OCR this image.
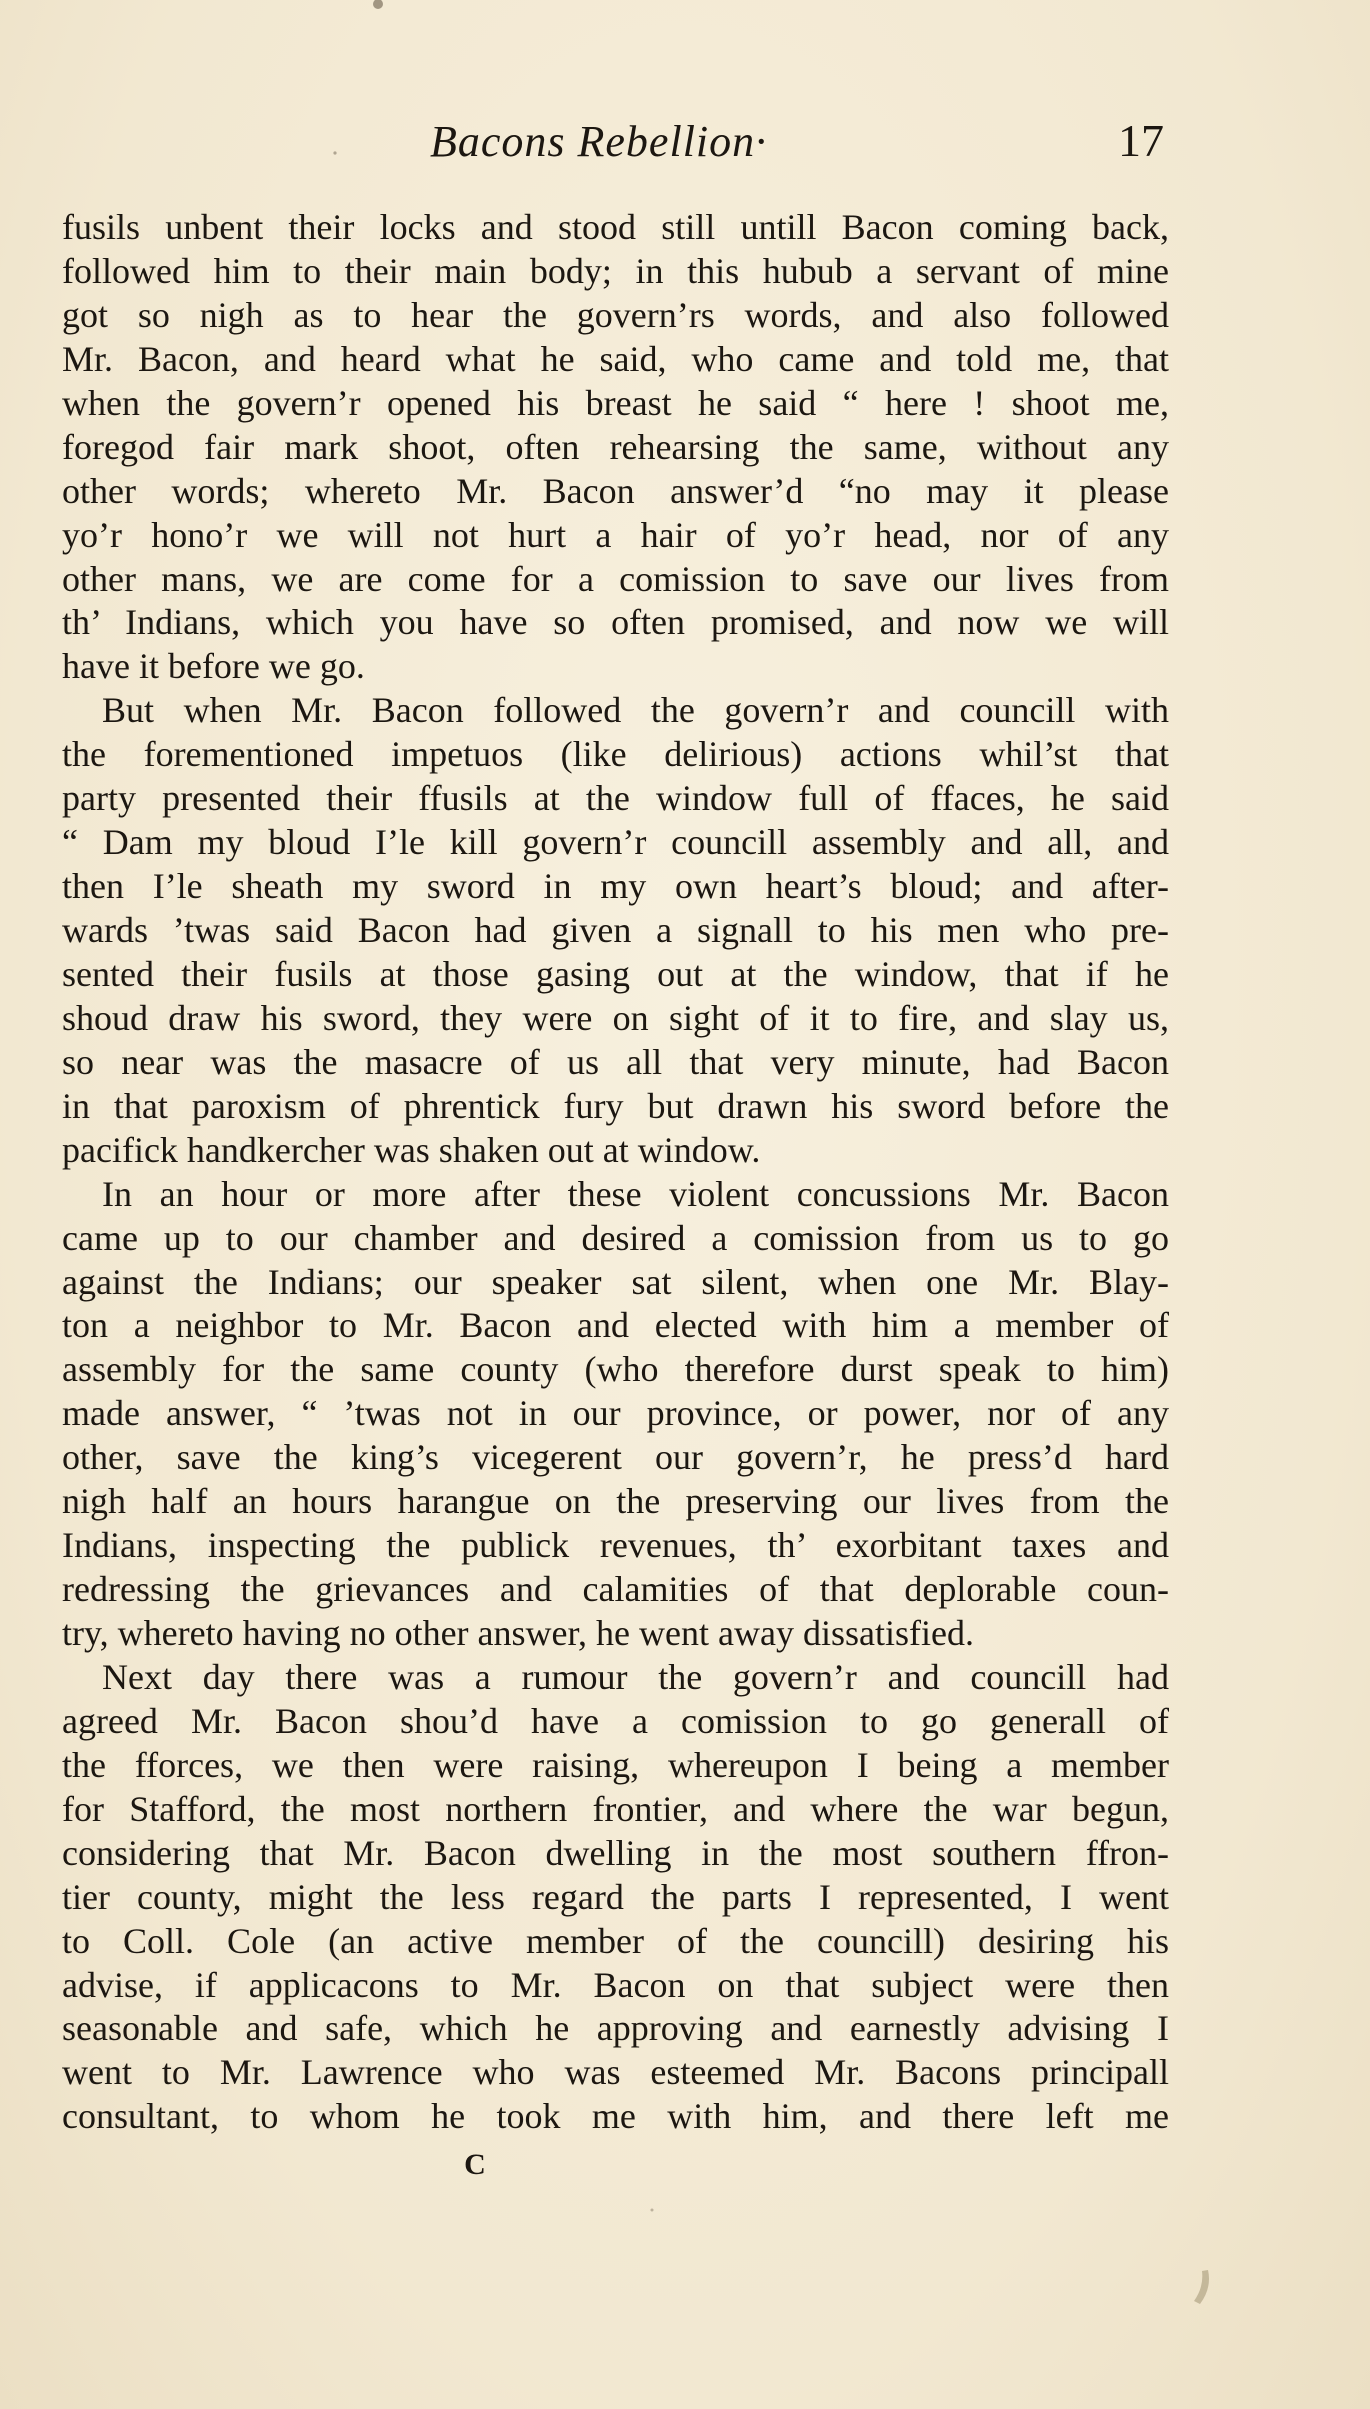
Bacons Rebellion·	17
fusils unbent their locks and stood still untill Bacon coming back,
followed him to their main body; in this hubub a servant of mine
got so nigh as to hear the govern’rs words, and also followed
Mr. Bacon, and heard what he said, who came and told me, that
when the govern’r opened his breast he said “ here ! shoot me,
foregod fair mark shoot, often rehearsing the same, without any
other words; whereto Mr. Bacon answer’d “no may it please
yo’r hono’r we will not hurt a hair of yo’r head, nor of any
other mans, we are come for a comission to save our lives from
th’ Indians, which you have so often promised, and now we will
have it before we go.
But when Mr. Bacon followed the govern’r and councill with
the forementioned impetuos (like delirious) actions whil’st that
party presented their ffusils at the window full of ffaces, he said
“ Dam my bloud I’le kill govern’r councill assembly and all, and
then I’le sheath my sword in my own heart’s bloud; and after-
wards ’twas said Bacon had given a signall to his men who pre-
sented their fusils at those gasing out at the window, that if he
shoud draw his sword, they were on sight of it to fire, and slay us,
so near was the masacre of us all that very minute, had Bacon
in that paroxism of phrentick fury but drawn his sword before the
pacifick handkercher was shaken out at window.
In an hour or more after these violent concussions Mr. Bacon
came up to our chamber and desired a comission from us to go
against the Indians; our speaker sat silent, when one Mr. Blay-
ton a neighbor to Mr. Bacon and elected with him a member of
assembly for the same county (who therefore durst speak to him)
made answer, “ ’twas not in our province, or power, nor of any
other, save the king’s vicegerent our govern’r, he press’d hard
nigh half an hours harangue on the preserving our lives from the
Indians, inspecting the publick revenues, th’ exorbitant taxes and
redressing the grievances and calamities of that deplorable coun-
try, whereto having no other answer, he went away dissatisfied.
Next day there was a rumour the govern’r and councill had
agreed Mr. Bacon shou’d have a comission to go generall of
the fforces, we then were raising, whereupon I being a member
for Stafford, the most northern frontier, and where the war begun,
considering that Mr. Bacon dwelling in the most southern ffron-
tier county, might the less regard the parts I represented, I went
to Coll. Cole (an active member of the councill) desiring his
advise, if applicacons to Mr. Bacon on that subject were then
seasonable and safe, which he approving and earnestly advising I
went to Mr. Lawrence who was esteemed Mr. Bacons principall
consultant, to whom he took me with him, and there left me
C
